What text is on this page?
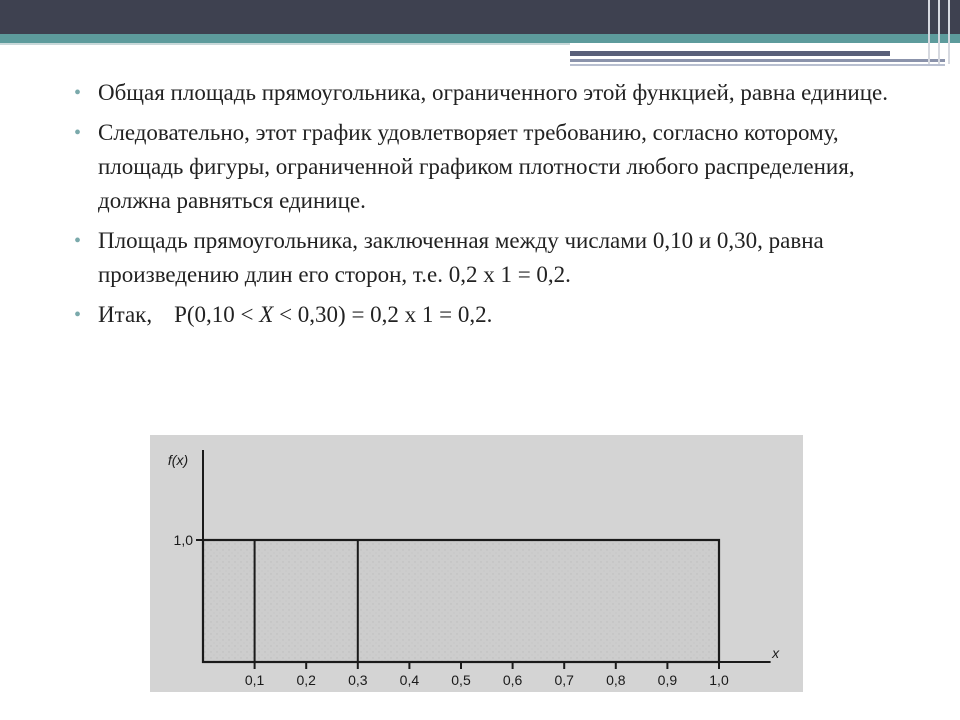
• Общая площадь прямоугольника, ограниченного этой функцией, равна единице.
• Следовательно, этот график удовлетворяет требованию, согласно которому, площадь фигуры, ограниченной графиком плотности любого распределения, должна равняться единице.
• Площадь прямоугольника, заключенная между числами 0,10 и 0,30, равна произведению длин его сторон, т.е. 0,2 х 1 = 0,2.
• Итак, P(0,10 < X < 0,30) = 0,2 х 1 = 0,2.
0,1 0,2 0,3 0,4 0,5 0,6 0,7 0,8 0,9 1,0
1,0
f(x)
x
